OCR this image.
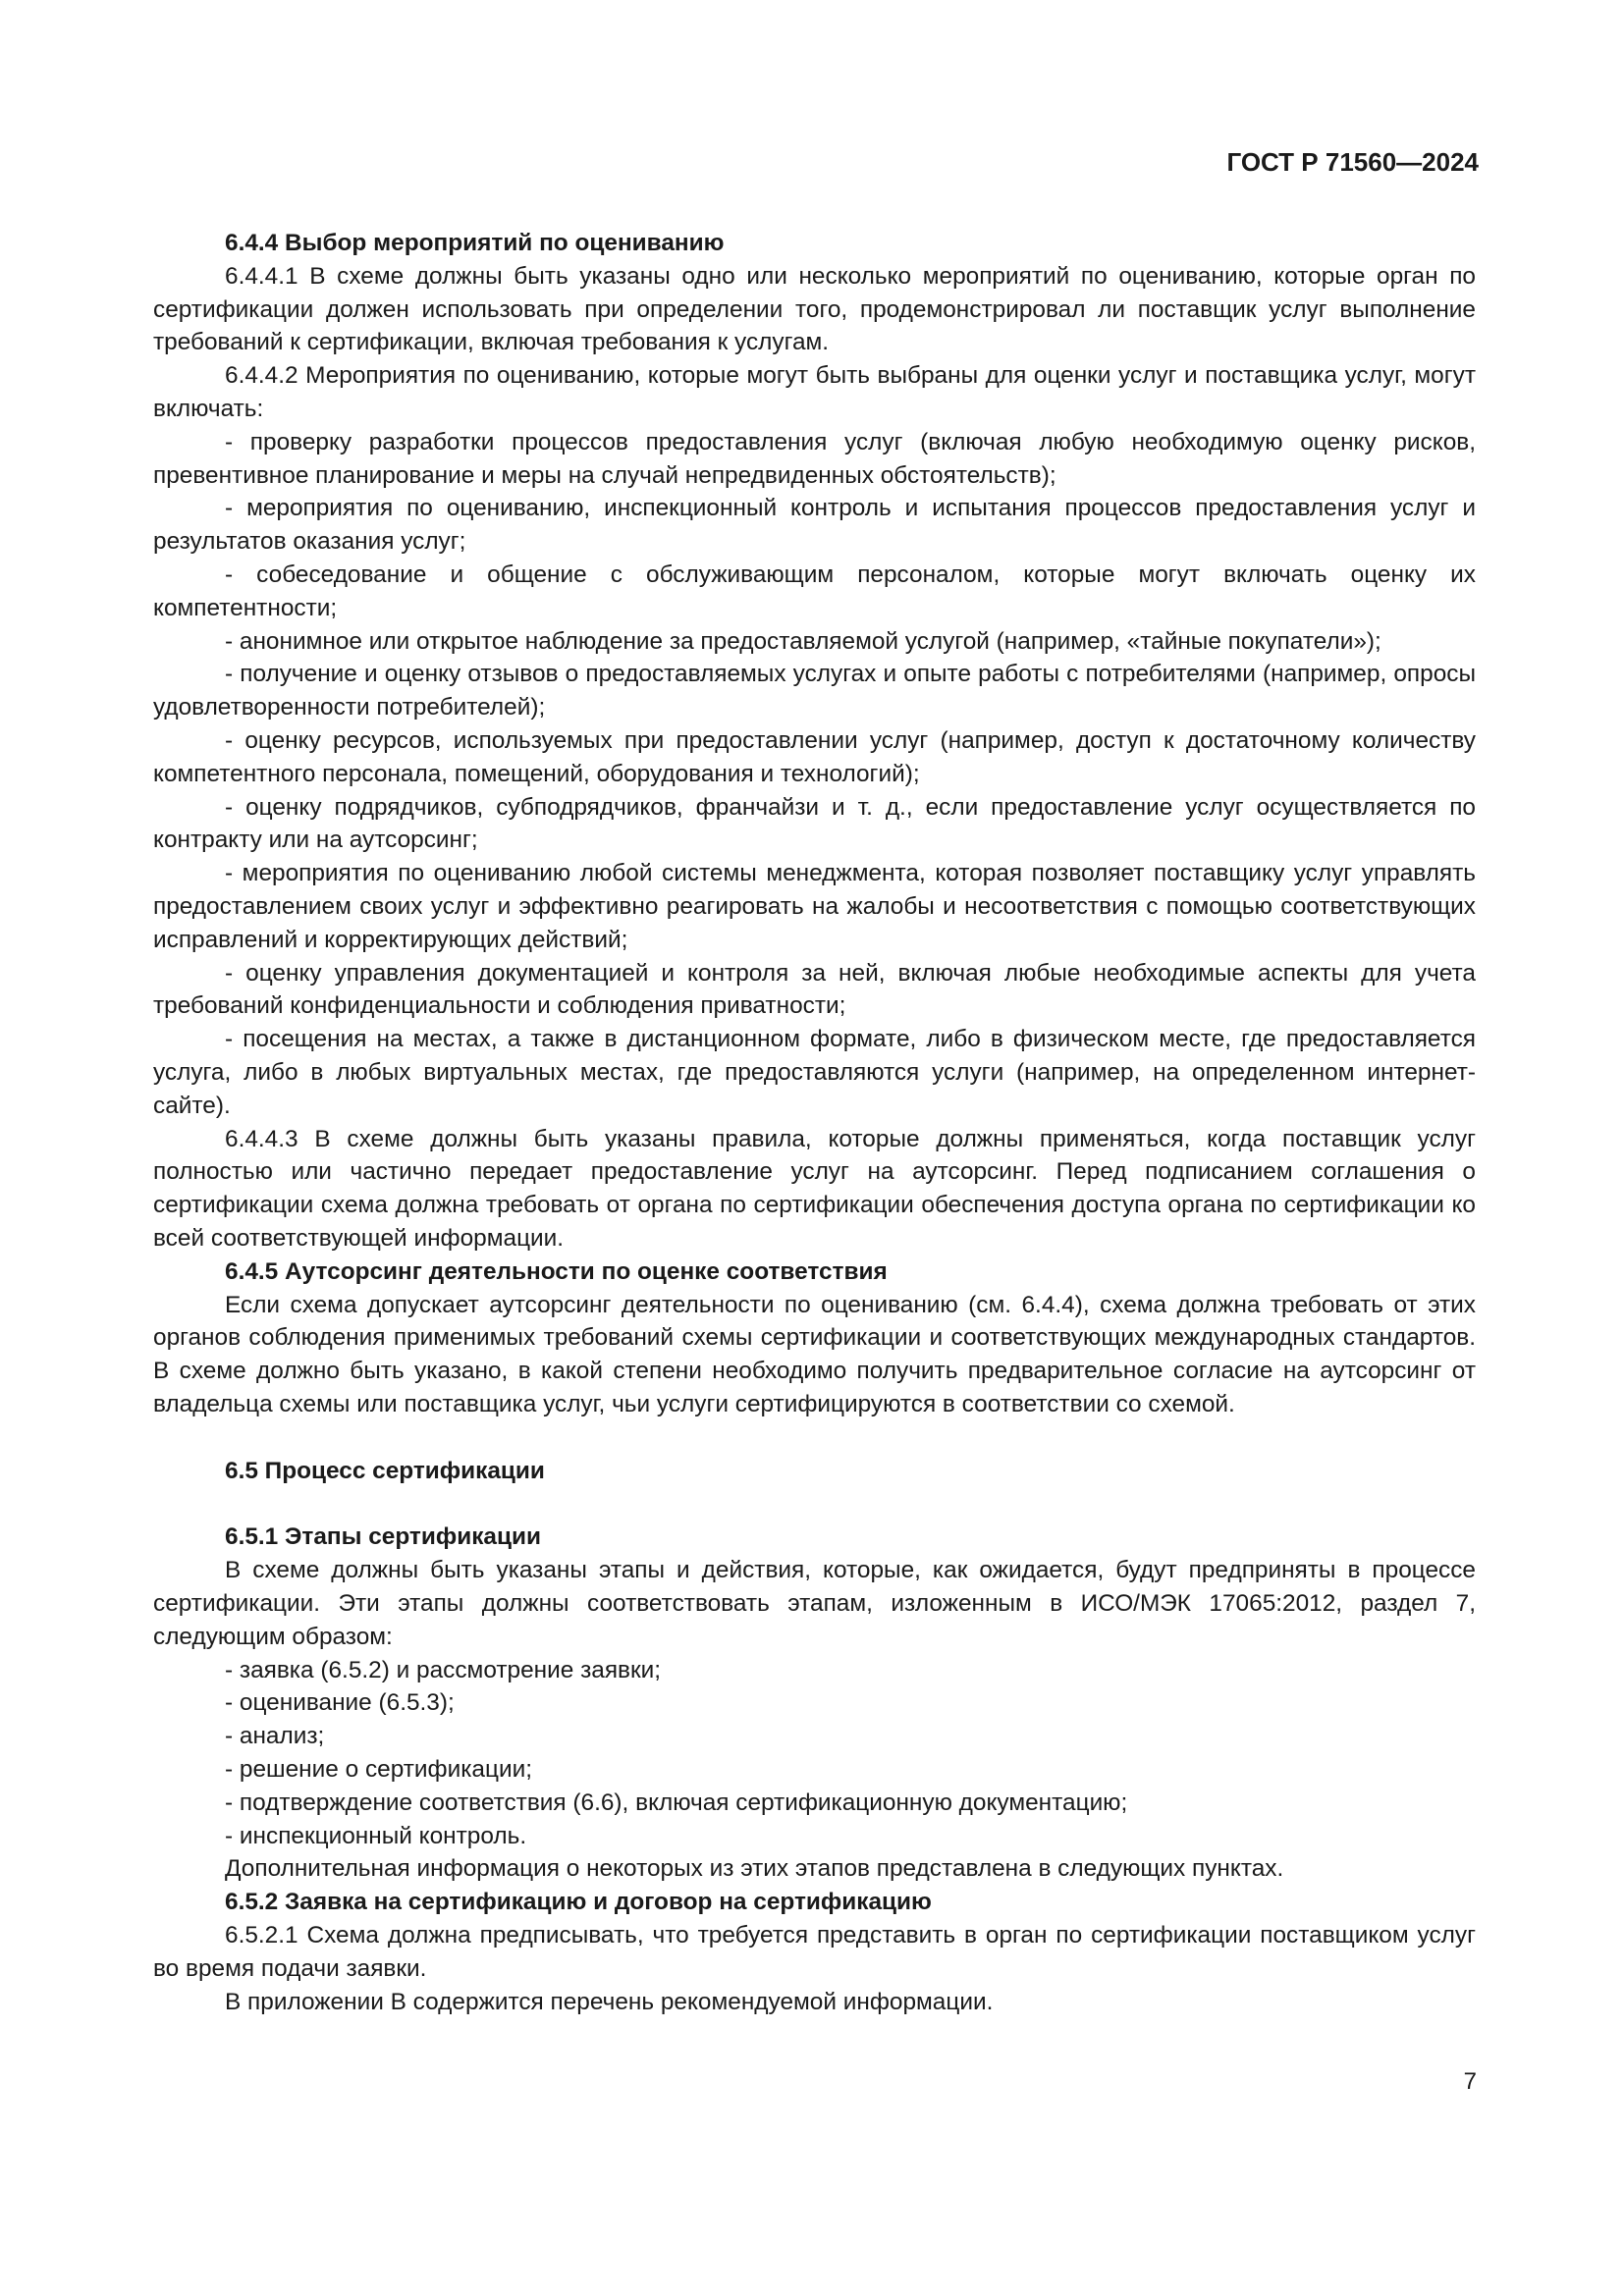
ГОСТ Р 71560—2024

6.4.4 Выбор мероприятий по оцениванию

6.4.4.1 В схеме должны быть указаны одно или несколько мероприятий по оцениванию, которые орган по сертификации должен использовать при определении того, продемонстрировал ли поставщик услуг выполнение требований к сертификации, включая требования к услугам.

6.4.4.2 Мероприятия по оцениванию, которые могут быть выбраны для оценки услуг и поставщика услуг, могут включать:

- проверку разработки процессов предоставления услуг (включая любую необходимую оценку рисков, превентивное планирование и меры на случай непредвиденных обстоятельств);

- мероприятия по оцениванию, инспекционный контроль и испытания процессов предоставления услуг и результатов оказания услуг;

- собеседование и общение с обслуживающим персоналом, которые могут включать оценку их компетентности;

- анонимное или открытое наблюдение за предоставляемой услугой (например, «тайные покупатели»);

- получение и оценку отзывов о предоставляемых услугах и опыте работы с потребителями (например, опросы удовлетворенности потребителей);

- оценку ресурсов, используемых при предоставлении услуг (например, доступ к достаточному количеству компетентного персонала, помещений, оборудования и технологий);

- оценку подрядчиков, субподрядчиков, франчайзи и т. д., если предоставление услуг осуществляется по контракту или на аутсорсинг;

- мероприятия по оцениванию любой системы менеджмента, которая позволяет поставщику услуг управлять предоставлением своих услуг и эффективно реагировать на жалобы и несоответствия с помощью соответствующих исправлений и корректирующих действий;

- оценку управления документацией и контроля за ней, включая любые необходимые аспекты для учета требований конфиденциальности и соблюдения приватности;

- посещения на местах, а также в дистанционном формате, либо в физическом месте, где предоставляется услуга, либо в любых виртуальных местах, где предоставляются услуги (например, на определенном интернет-сайте).

6.4.4.3 В схеме должны быть указаны правила, которые должны применяться, когда поставщик услуг полностью или частично передает предоставление услуг на аутсорсинг. Перед подписанием соглашения о сертификации схема должна требовать от органа по сертификации обеспечения доступа органа по сертификации ко всей соответствующей информации.

6.4.5 Аутсорсинг деятельности по оценке соответствия

Если схема допускает аутсорсинг деятельности по оцениванию (см. 6.4.4), схема должна требовать от этих органов соблюдения применимых требований схемы сертификации и соответствующих международных стандартов. В схеме должно быть указано, в какой степени необходимо получить предварительное согласие на аутсорсинг от владельца схемы или поставщика услуг, чьи услуги сертифицируются в соответствии со схемой.

6.5 Процесс сертификации

6.5.1 Этапы сертификации

В схеме должны быть указаны этапы и действия, которые, как ожидается, будут предприняты в процессе сертификации. Эти этапы должны соответствовать этапам, изложенным в ИСО/МЭК 17065:2012, раздел 7, следующим образом:

- заявка (6.5.2) и рассмотрение заявки;

- оценивание (6.5.3);

- анализ;

- решение о сертификации;

- подтверждение соответствия (6.6), включая сертификационную документацию;

- инспекционный контроль.

Дополнительная информация о некоторых из этих этапов представлена в следующих пунктах.

6.5.2 Заявка на сертификацию и договор на сертификацию

6.5.2.1 Схема должна предписывать, что требуется представить в орган по сертификации поставщиком услуг во время подачи заявки.

В приложении В содержится перечень рекомендуемой информации.

7
